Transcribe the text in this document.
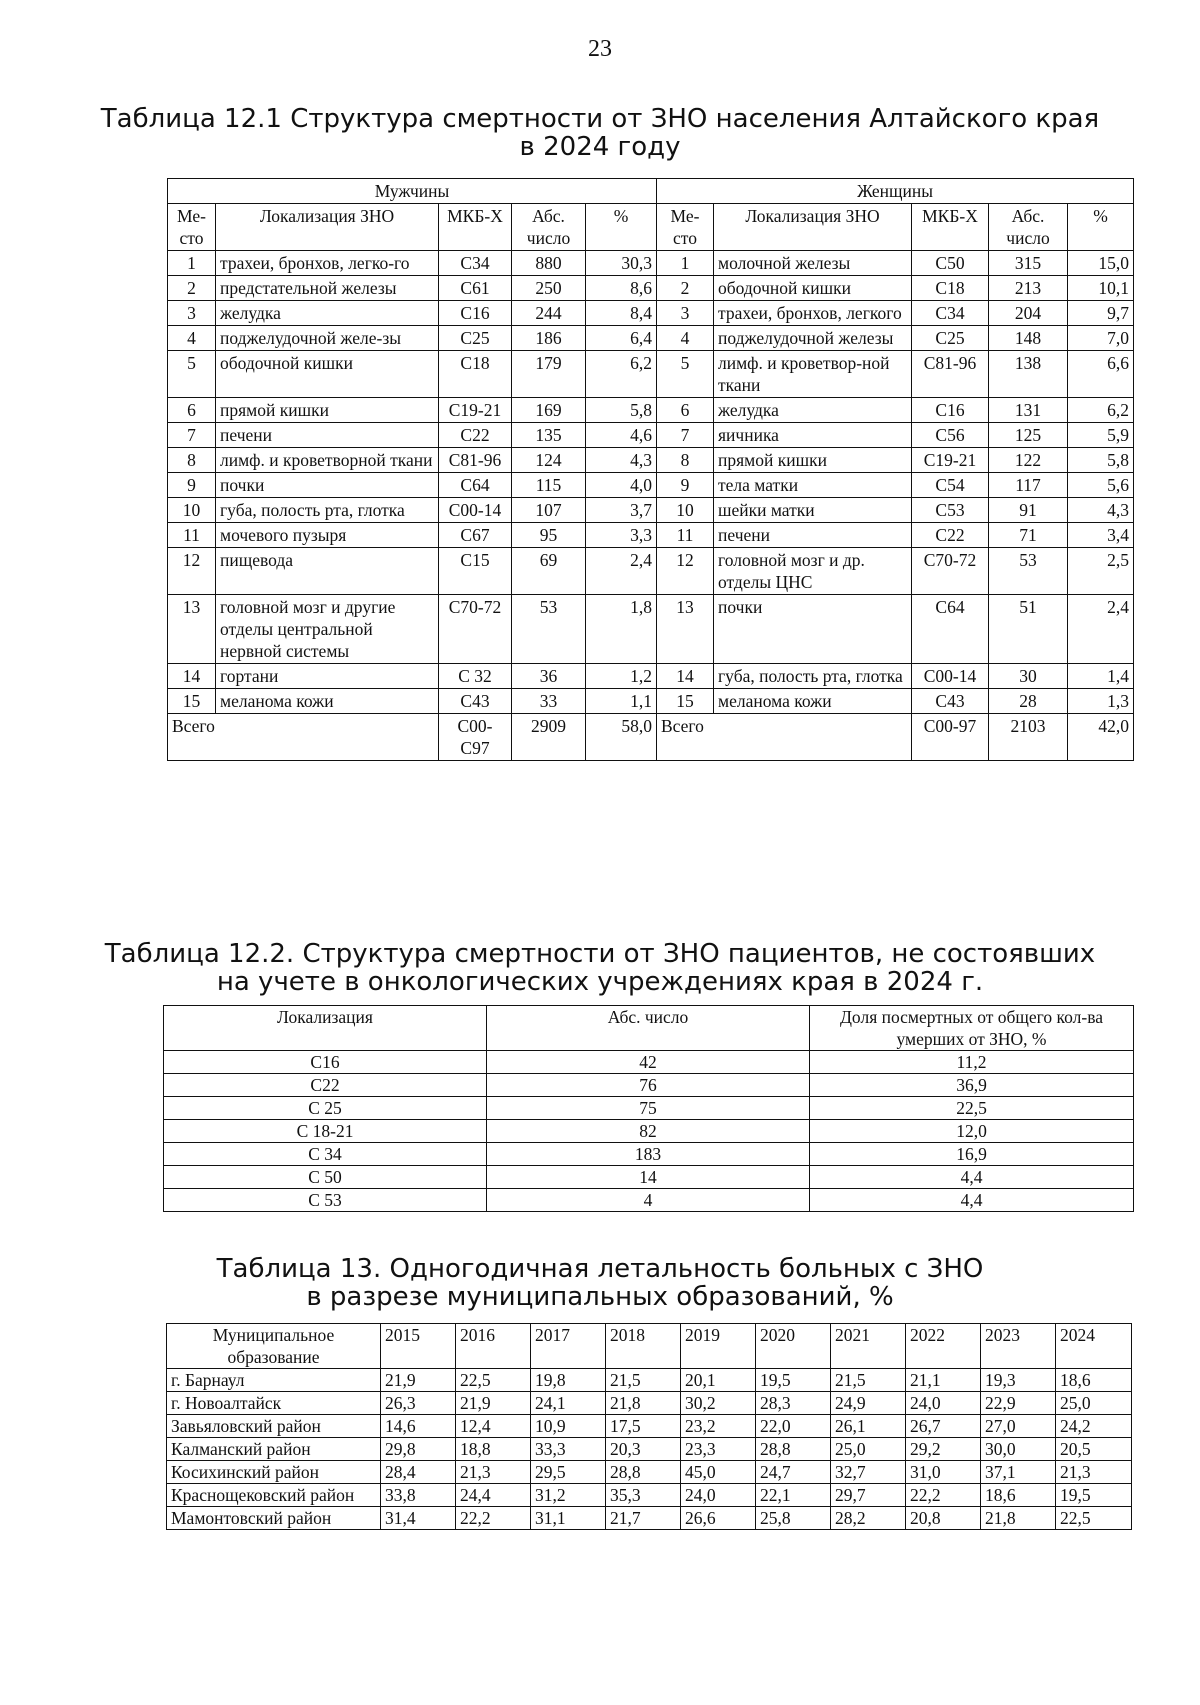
23
Таблица 12.1 Структура смертности от ЗНО населения Алтайского края
в 2024 году
Мужчины					Женщины				
Ме-сто	Локализация ЗНО	МКБ-Х	Абс. число	%	Ме-сто	Локализация ЗНО	МКБ-Х	Абс. число	%
1	трахеи, бронхов, легко-го	С34	880	30,3	1	молочной железы	С50	315	15,0
2	предстательной железы	С61	250	8,6	2	ободочной кишки	С18	213	10,1
3	желудка	С16	244	8,4	3	трахеи, бронхов, легкого	С34	204	9,7
4	поджелудочной желе-зы	С25	186	6,4	4	поджелудочной железы	С25	148	7,0
5	ободочной кишки	С18	179	6,2	5	лимф. и кроветвор-ной ткани	С81-96	138	6,6
6	прямой кишки	С19-21	169	5,8	6	желудка	С16	131	6,2
7	печени	С22	135	4,6	7	яичника	С56	125	5,9
8	лимф. и кроветворной ткани	С81-96	124	4,3	8	прямой кишки	С19-21	122	5,8
9	почки	С64	115	4,0	9	тела матки	С54	117	5,6
10	губа, полость рта, глотка	С00-14	107	3,7	10	шейки матки	С53	91	4,3
11	мочевого пузыря	С67	95	3,3	11	печени	С22	71	3,4
12	пищевода	С15	69	2,4	12	головной мозг и др. отделы ЦНС	С70-72	53	2,5
13	головной мозг и другие отделы центральной нервной системы	С70-72	53	1,8	13	почки	С64	51	2,4
14	гортани	С 32	36	1,2	14	губа, полость рта, глотка	С00-14	30	1,4
15	меланома кожи	С43	33	1,1	15	меланома кожи	С43	28	1,3
Всего		С00-С97	2909	58,0	Всего		С00-97	2103	42,0
Таблица 12.2. Структура смертности от ЗНО пациентов, не состоявших
на учете в онкологических учреждениях края в 2024 г.
Локализация	Абс. число	Доля посмертных от общего кол-ва умерших от ЗНО, %
С16	42	11,2
С22	76	36,9
С 25	75	22,5
С 18-21	82	12,0
С 34	183	16,9
С 50	14	4,4
С 53	4	4,4
Таблица 13. Одногодичная летальность больных с ЗНО
в разрезе муниципальных образований, %
Муниципальное образование	2015	2016	2017	2018	2019	2020	2021	2022	2023	2024
г. Барнаул	21,9	22,5	19,8	21,5	20,1	19,5	21,5	21,1	19,3	18,6
г. Новоалтайск	26,3	21,9	24,1	21,8	30,2	28,3	24,9	24,0	22,9	25,0
Завьяловский район	14,6	12,4	10,9	17,5	23,2	22,0	26,1	26,7	27,0	24,2
Калманский район	29,8	18,8	33,3	20,3	23,3	28,8	25,0	29,2	30,0	20,5
Косихинский район	28,4	21,3	29,5	28,8	45,0	24,7	32,7	31,0	37,1	21,3
Краснощековский район	33,8	24,4	31,2	35,3	24,0	22,1	29,7	22,2	18,6	19,5
Мамонтовский район	31,4	22,2	31,1	21,7	26,6	25,8	28,2	20,8	21,8	22,5
